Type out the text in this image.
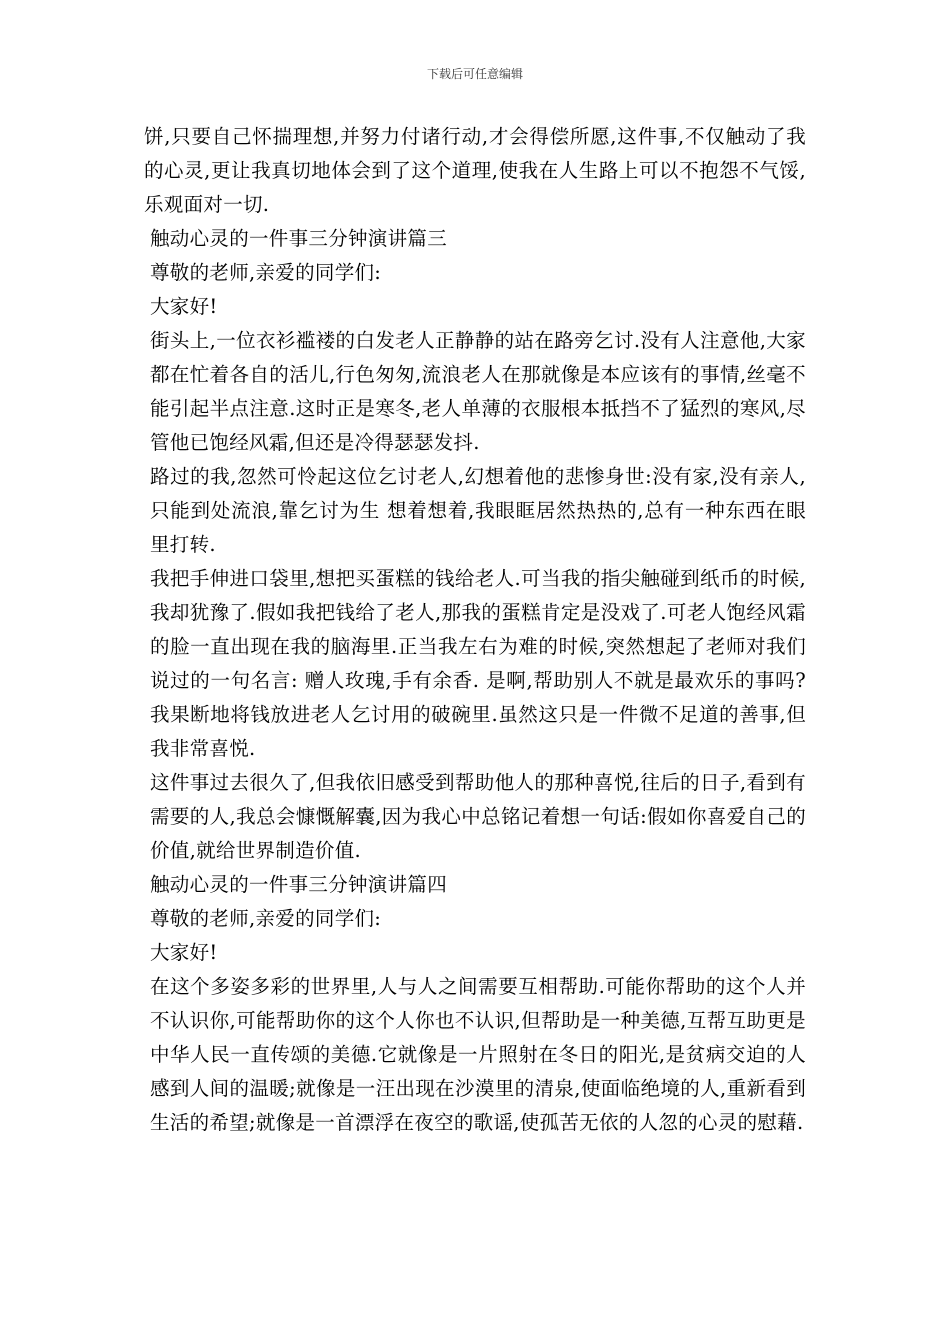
下载后可任意编辑

饼,只要自己怀揣理想,并努力付诸行动,才会得偿所愿,这件事,不仅触动了我的心灵,更让我真切地体会到了这个道理,使我在人生路上可以不抱怨不气馁,乐观面对一切.

触动心灵的一件事三分钟演讲篇三

尊敬的老师,亲爱的同学们:

大家好!

街头上,一位衣衫褴褛的白发老人正静静的站在路旁乞讨.没有人注意他,大家都在忙着各自的活儿,行色匆匆,流浪老人在那就像是本应该有的事情,丝毫不能引起半点注意.这时正是寒冬,老人单薄的衣服根本抵挡不了猛烈的寒风,尽管他已饱经风霜,但还是冷得瑟瑟发抖.

路过的我,忽然可怜起这位乞讨老人,幻想着他的悲惨身世:没有家,没有亲人,只能到处流浪,靠乞讨为生 想着想着,我眼眶居然热热的,总有一种东西在眼里打转.

我把手伸进口袋里,想把买蛋糕的钱给老人.可当我的指尖触碰到纸币的时候,我却犹豫了.假如我把钱给了老人,那我的蛋糕肯定是没戏了.可老人饱经风霜的脸一直出现在我的脑海里.正当我左右为难的时候,突然想起了老师对我们说过的一句名言: 赠人玫瑰,手有余香. 是啊,帮助别人不就是最欢乐的事吗?我果断地将钱放进老人乞讨用的破碗里.虽然这只是一件微不足道的善事,但我非常喜悦.

这件事过去很久了,但我依旧感受到帮助他人的那种喜悦,往后的日子,看到有需要的人,我总会慷慨解囊,因为我心中总铭记着想一句话:假如你喜爱自己的价值,就给世界制造价值.

触动心灵的一件事三分钟演讲篇四

尊敬的老师,亲爱的同学们:

大家好!

在这个多姿多彩的世界里,人与人之间需要互相帮助.可能你帮助的这个人并不认识你,可能帮助你的这个人你也不认识,但帮助是一种美德,互帮互助更是中华人民一直传颂的美德.它就像是一片照射在冬日的阳光,是贫病交迫的人感到人间的温暖;就像是一汪出现在沙漠里的清泉,使面临绝境的人,重新看到生活的希望;就像是一首漂浮在夜空的歌谣,使孤苦无依的人忽的心灵的慰藉.
